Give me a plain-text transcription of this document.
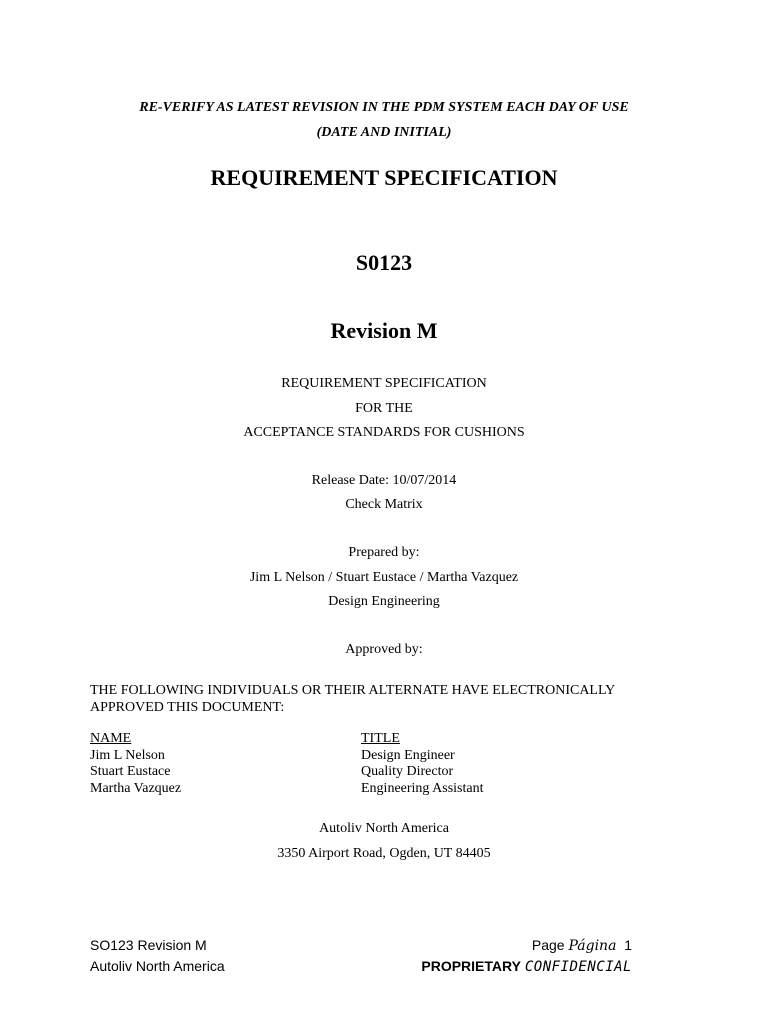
RE-VERIFY AS LATEST REVISION IN THE PDM SYSTEM EACH DAY OF USE
(DATE AND INITIAL)
REQUIREMENT SPECIFICATION
S0123
Revision M
REQUIREMENT SPECIFICATION
FOR THE
ACCEPTANCE STANDARDS FOR CUSHIONS
Release Date: 10/07/2014
Check Matrix
Prepared by:
Jim L Nelson / Stuart Eustace / Martha Vazquez
Design Engineering
Approved by:
THE FOLLOWING INDIVIDUALS OR THEIR ALTERNATE HAVE ELECTRONICALLY
APPROVED THIS DOCUMENT:
NAME
Jim L Nelson
Stuart Eustace
Martha Vazquez
TITLE
Design Engineer
Quality Director
Engineering Assistant
Autoliv North America
3350 Airport Road, Ogden, UT 84405
SO123 Revision M
Autoliv North America
Page Página 1
PROPRIETARY CONFIDENCIAL
